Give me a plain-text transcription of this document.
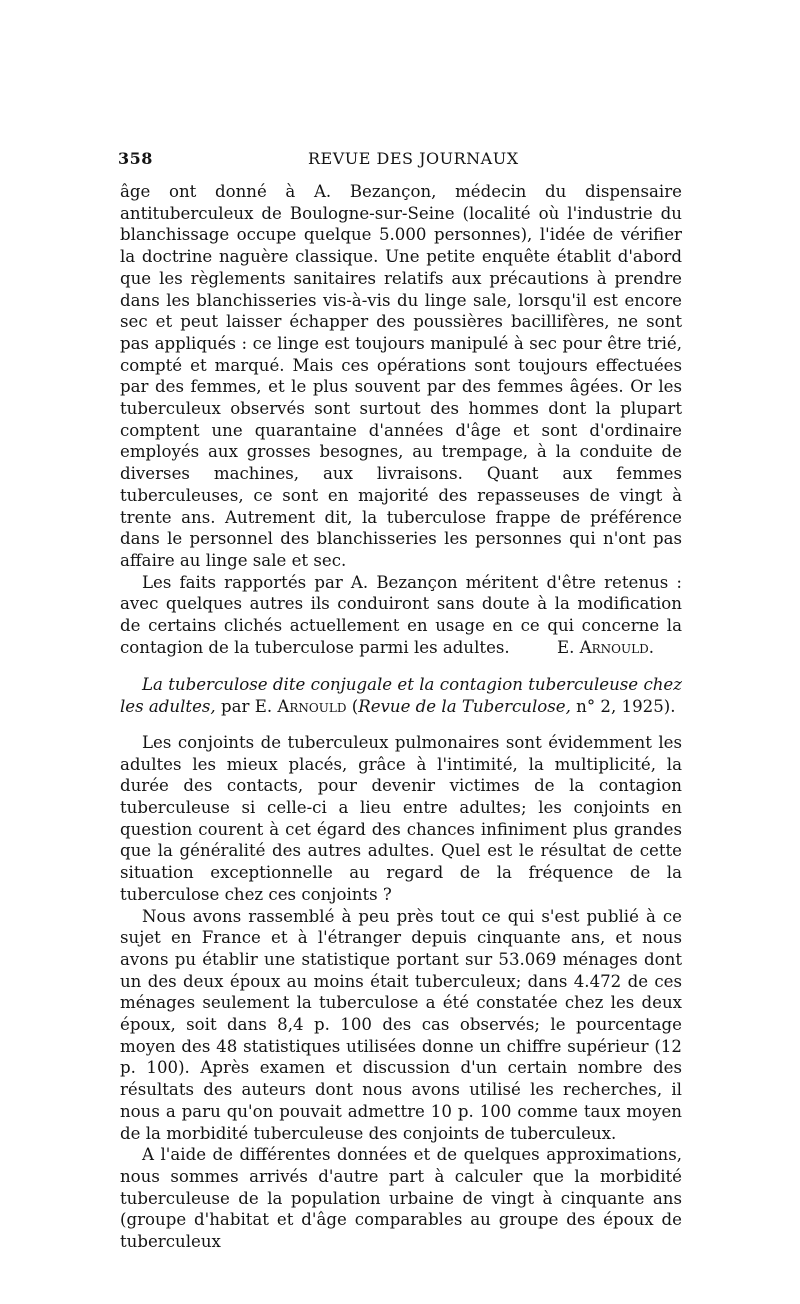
358	REVUE DES JOURNAUX

âge ont donné à A. Bezançon, médecin du dispensaire antituberculeux de Boulogne-sur-Seine (localité où l'industrie du blanchissage occupe quelque 5.000 personnes), l'idée de vérifier la doctrine naguère classique. Une petite enquête établit d'abord que les règlements sanitaires relatifs aux précautions à prendre dans les blanchisseries vis-à-vis du linge sale, lorsqu'il est encore sec et peut laisser échapper des poussières bacillifères, ne sont pas appliqués : ce linge est toujours manipulé à sec pour être trié, compté et marqué. Mais ces opérations sont toujours effectuées par des femmes, et le plus souvent par des femmes âgées. Or les tuberculeux observés sont surtout des hommes dont la plupart comptent une quarantaine d'années d'âge et sont d'ordinaire employés aux grosses besognes, au trempage, à la conduite de diverses machines, aux livraisons. Quant aux femmes tuberculeuses, ce sont en majorité des repasseuses de vingt à trente ans. Autrement dit, la tuberculose frappe de préférence dans le personnel des blanchisseries les personnes qui n'ont pas affaire au linge sale et sec.

Les faits rapportés par A. Bezançon méritent d'être retenus : avec quelques autres ils conduiront sans doute à la modification de certains clichés actuellement en usage en ce qui concerne la contagion de la tuberculose parmi les adultes.	E. Arnould.

La tuberculose dite conjugale et la contagion tuberculeuse chez les adultes, par E. Arnould (Revue de la Tuberculose, n° 2, 1925).

Les conjoints de tuberculeux pulmonaires sont évidemment les adultes les mieux placés, grâce à l'intimité, la multiplicité, la durée des contacts, pour devenir victimes de la contagion tuberculeuse si celle-ci a lieu entre adultes; les conjoints en question courent à cet égard des chances infiniment plus grandes que la généralité des autres adultes. Quel est le résultat de cette situation exceptionnelle au regard de la fréquence de la tuberculose chez ces conjoints ?

Nous avons rassemblé à peu près tout ce qui s'est publié à ce sujet en France et à l'étranger depuis cinquante ans, et nous avons pu établir une statistique portant sur 53.069 ménages dont un des deux époux au moins était tuberculeux; dans 4.472 de ces ménages seulement la tuberculose a été constatée chez les deux époux, soit dans 8,4 p. 100 des cas observés; le pourcentage moyen des 48 statistiques utilisées donne un chiffre supérieur (12 p. 100). Après examen et discussion d'un certain nombre des résultats des auteurs dont nous avons utilisé les recherches, il nous a paru qu'on pouvait admettre 10 p. 100 comme taux moyen de la morbidité tuberculeuse des conjoints de tuberculeux.

A l'aide de différentes données et de quelques approximations, nous sommes arrivés d'autre part à calculer que la morbidité tuberculeuse de la population urbaine de vingt à cinquante ans (groupe d'habitat et d'âge comparables au groupe des époux de tuberculeux
